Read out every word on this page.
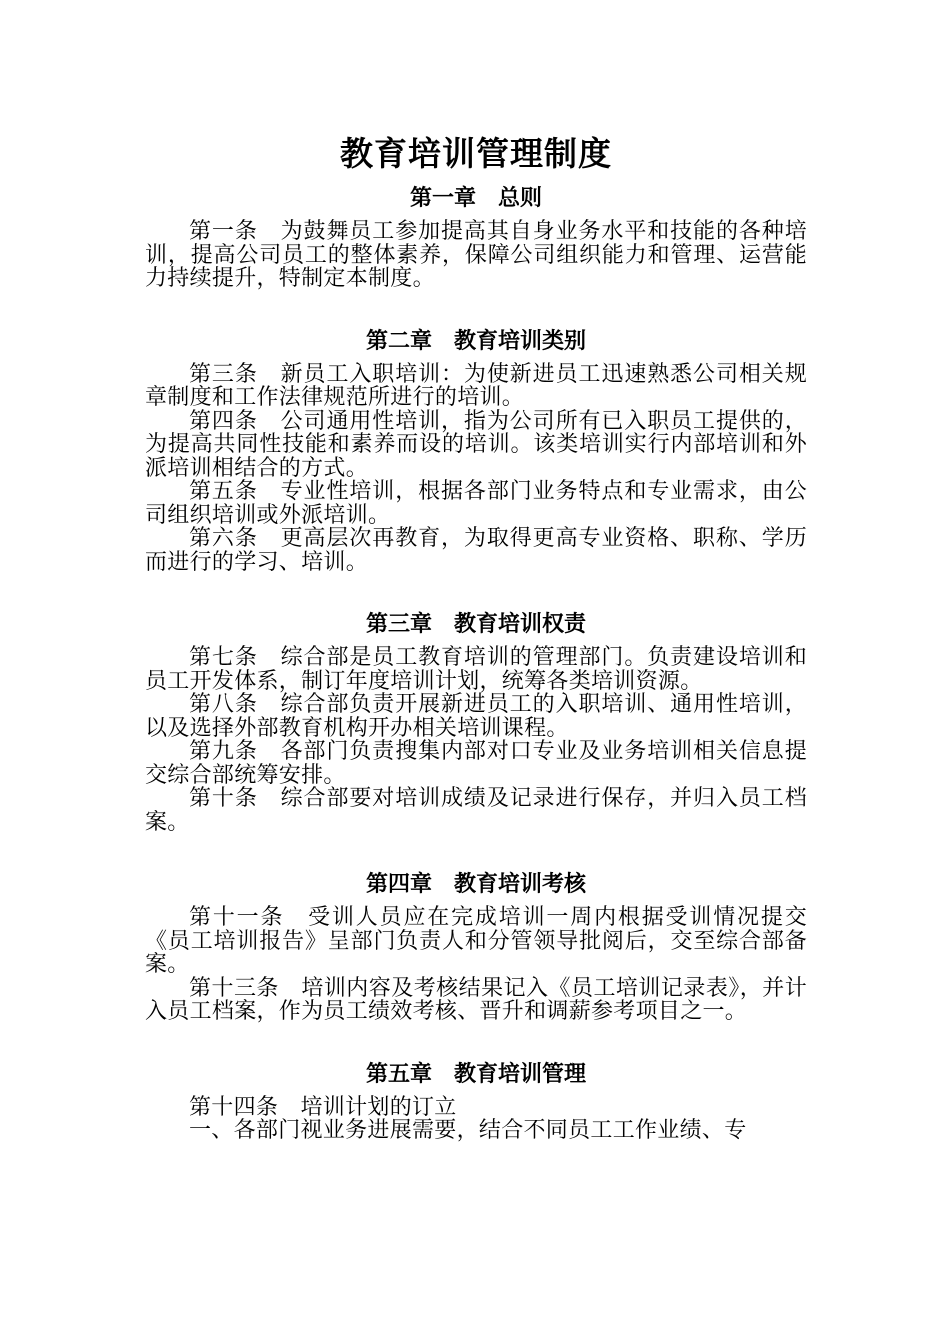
教育培训管理制度
第一章　总则

第一条　为鼓舞员工参加提高其自身业务水平和技能的各种培训，提高公司员工的整体素养，保障公司组织能力和管理、运营能力持续提升，特制定本制度。

第二章　教育培训类别

第三条　新员工入职培训：为使新进员工迅速熟悉公司相关规章制度和工作法律规范所进行的培训。

第四条　公司通用性培训，指为公司所有已入职员工提供的，为提高共同性技能和素养而设的培训。该类培训实行内部培训和外派培训相结合的方式。

第五条　专业性培训，根据各部门业务特点和专业需求，由公司组织培训或外派培训。

第六条　更高层次再教育，为取得更高专业资格、职称、学历而进行的学习、培训。

第三章　教育培训权责

第七条　综合部是员工教育培训的管理部门。负责建设培训和员工开发体系，制订年度培训计划，统筹各类培训资源。

第八条　综合部负责开展新进员工的入职培训、通用性培训，以及选择外部教育机构开办相关培训课程。

第九条　各部门负责搜集内部对口专业及业务培训相关信息提交综合部统筹安排。

第十条　综合部要对培训成绩及记录进行保存，并归入员工档案。

第四章　教育培训考核

第十一条　受训人员应在完成培训一周内根据受训情况提交《员工培训报告》呈部门负责人和分管领导批阅后，交至综合部备案。

第十三条　培训内容及考核结果记入《员工培训记录表》，并计入员工档案，作为员工绩效考核、晋升和调薪参考项目之一。

第五章　教育培训管理

第十四条　培训计划的订立

一、各部门视业务进展需要，结合不同员工工作业绩、专
